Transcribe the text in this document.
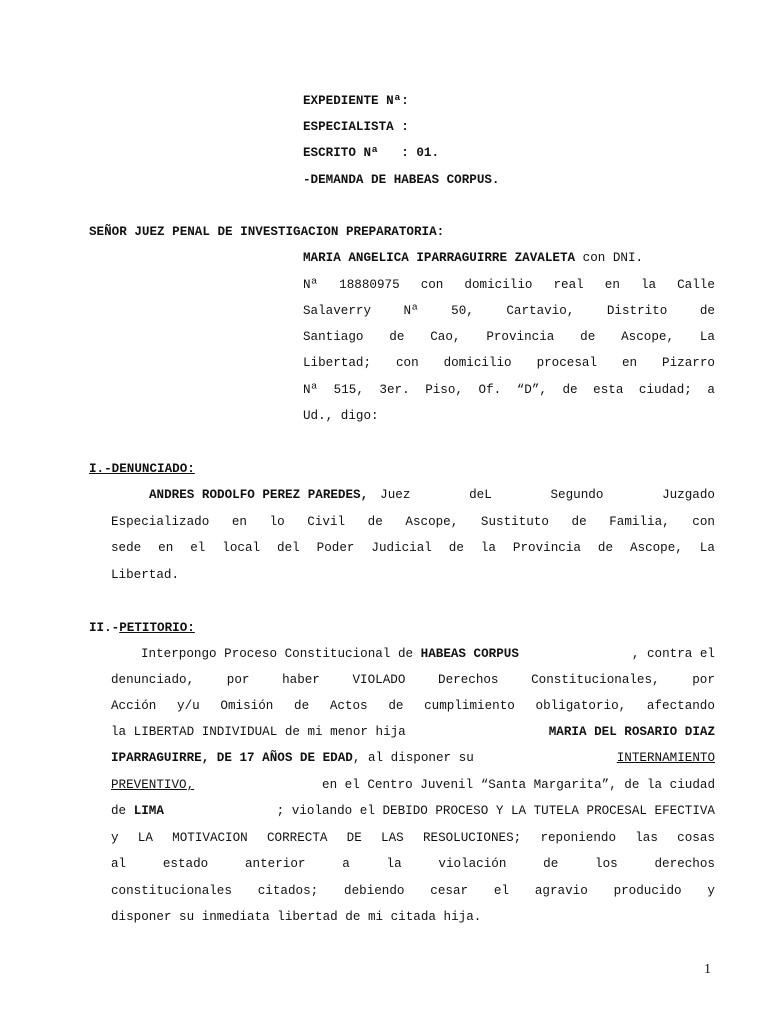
EXPEDIENTE Nª:
ESPECIALISTA :
ESCRITO Nª   : 01.
-DEMANDA DE HABEAS CORPUS.
SEÑOR JUEZ PENAL DE INVESTIGACION PREPARATORIA:
MARIA ANGELICA IPARRAGUIRRE ZAVALETA con DNI.
Nª 18880975 con domicilio real en la Calle
Salaverry	Nª	50,	Cartavio,	Distrito	de
Santiago de Cao, Provincia de Ascope, La
Libertad; con domicilio procesal en Pizarro
Nª 515, 3er. Piso, Of. “D”, de esta ciudad; a
Ud., digo:
I.-DENUNCIADO:
ANDRES RODOLFO PEREZ PAREDES, Juez	deL	Segundo	Juzgado
Especializado en lo Civil de Ascope, Sustituto de Familia, con
sede en el local del Poder Judicial de la Provincia de Ascope, La
Libertad.
II.-PETITORIO:
Interpongo Proceso Constitucional de HABEAS CORPUS	, contra el
denunciado,	por	haber	VIOLADO	Derechos	Constitucionales,	por
Acción y/u Omisión de Actos de cumplimiento obligatorio, afectando
la LIBERTAD INDIVIDUAL de mi menor hija	MARIA DEL ROSARIO DIAZ
IPARRAGUIRRE, DE 17 AÑOS DE EDAD , al disponer su	INTERNAMIENTO
PREVENTIVO,	en el Centro Juvenil “Santa Margarita”, de la ciudad
de LIMA	; violando el DEBIDO PROCESO Y LA TUTELA PROCESAL EFECTIVA
y LA MOTIVACION CORRECTA DE LAS RESOLUCIONES; reponiendo las cosas
al	estado	anterior	a	la	violación	de	los	derechos
constitucionales citados; debiendo cesar el agravio producido y
disponer su inmediata libertad de mi citada hija.
1
